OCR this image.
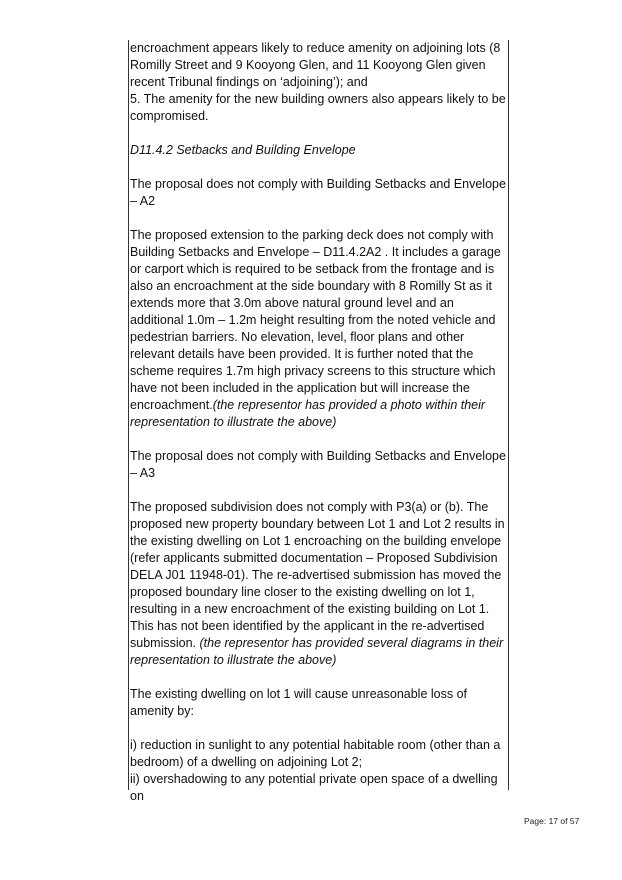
encroachment appears likely to reduce amenity on adjoining lots (8 Romilly Street and 9 Kooyong Glen, and 11 Kooyong Glen given recent Tribunal findings on ‘adjoining’); and

5. The amenity for the new building owners also appears likely to be compromised.

D11.4.2 Setbacks and Building Envelope

The proposal does not comply with Building Setbacks and Envelope – A2

The proposed extension to the parking deck does not comply with Building Setbacks and Envelope – D11.4.2A2 . It includes a garage or carport which is required to be setback from the frontage and is also an encroachment at the side boundary with 8 Romilly St as it extends more that 3.0m above natural ground level and an additional 1.0m – 1.2m height resulting from the noted vehicle and pedestrian barriers. No elevation, level, floor plans and other relevant details have been provided. It is further noted that the scheme requires 1.7m high privacy screens to this structure which have not been included in the application but will increase the encroachment.(the representor has provided a photo within their representation to illustrate the above)

The proposal does not comply with Building Setbacks and Envelope – A3

The proposed subdivision does not comply with P3(a) or (b). The proposed new property boundary between Lot 1 and Lot 2 results in the existing dwelling on Lot 1 encroaching on the building envelope (refer applicants submitted documentation – Proposed Subdivision DELA J01 11948-01). The re-advertised submission has moved the proposed boundary line closer to the existing dwelling on lot 1, resulting in a new encroachment of the existing building on Lot 1. This has not been identified by the applicant in the re-advertised submission. (the representor has provided several diagrams in their representation to illustrate the above)

The existing dwelling on lot 1 will cause unreasonable loss of amenity by:

i) reduction in sunlight to any potential habitable room (other than a bedroom) of a dwelling on adjoining Lot 2;

ii) overshadowing to any potential private open space of a dwelling on

Page: 17 of 57
